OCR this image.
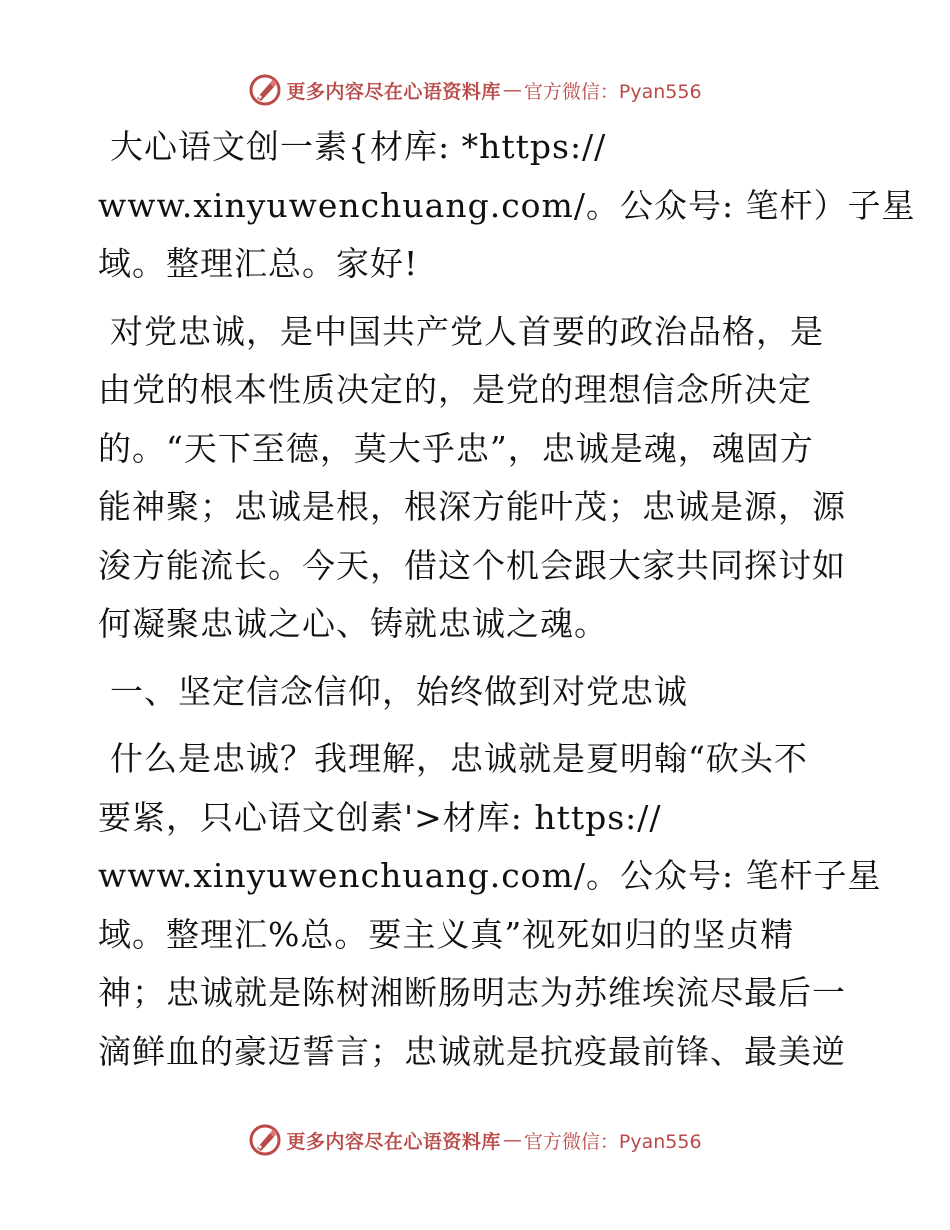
更多内容尽在心语资料库 — 官方微信：Pyan556

大心语文创一素{材库: *https://
www.xinyuwenchuang.com/。公众号: 笔杆）子星
域。整理汇总。家好!

对党忠诚，是中国共产党人首要的政治品格，是
由党的根本性质决定的，是党的理想信念所决定
的。“天下至德，莫大乎忠”，忠诚是魂，魂固方
能神聚；忠诚是根，根深方能叶茂；忠诚是源，源
浚方能流长。今天，借这个机会跟大家共同探讨如
何凝聚忠诚之心、铸就忠诚之魂。

一、坚定信念信仰，始终做到对党忠诚

什么是忠诚？我理解，忠诚就是夏明翰“砍头不
要紧，只心语文创素'>材库: https://
www.xinyuwenchuang.com/。公众号: 笔杆子星
域。整理汇%总。要主义真”视死如归的坚贞精
神；忠诚就是陈树湘断肠明志为苏维埃流尽最后一
滴鲜血的豪迈誓言；忠诚就是抗疫最前锋、最美逆

更多内容尽在心语资料库 — 官方微信：Pyan556
